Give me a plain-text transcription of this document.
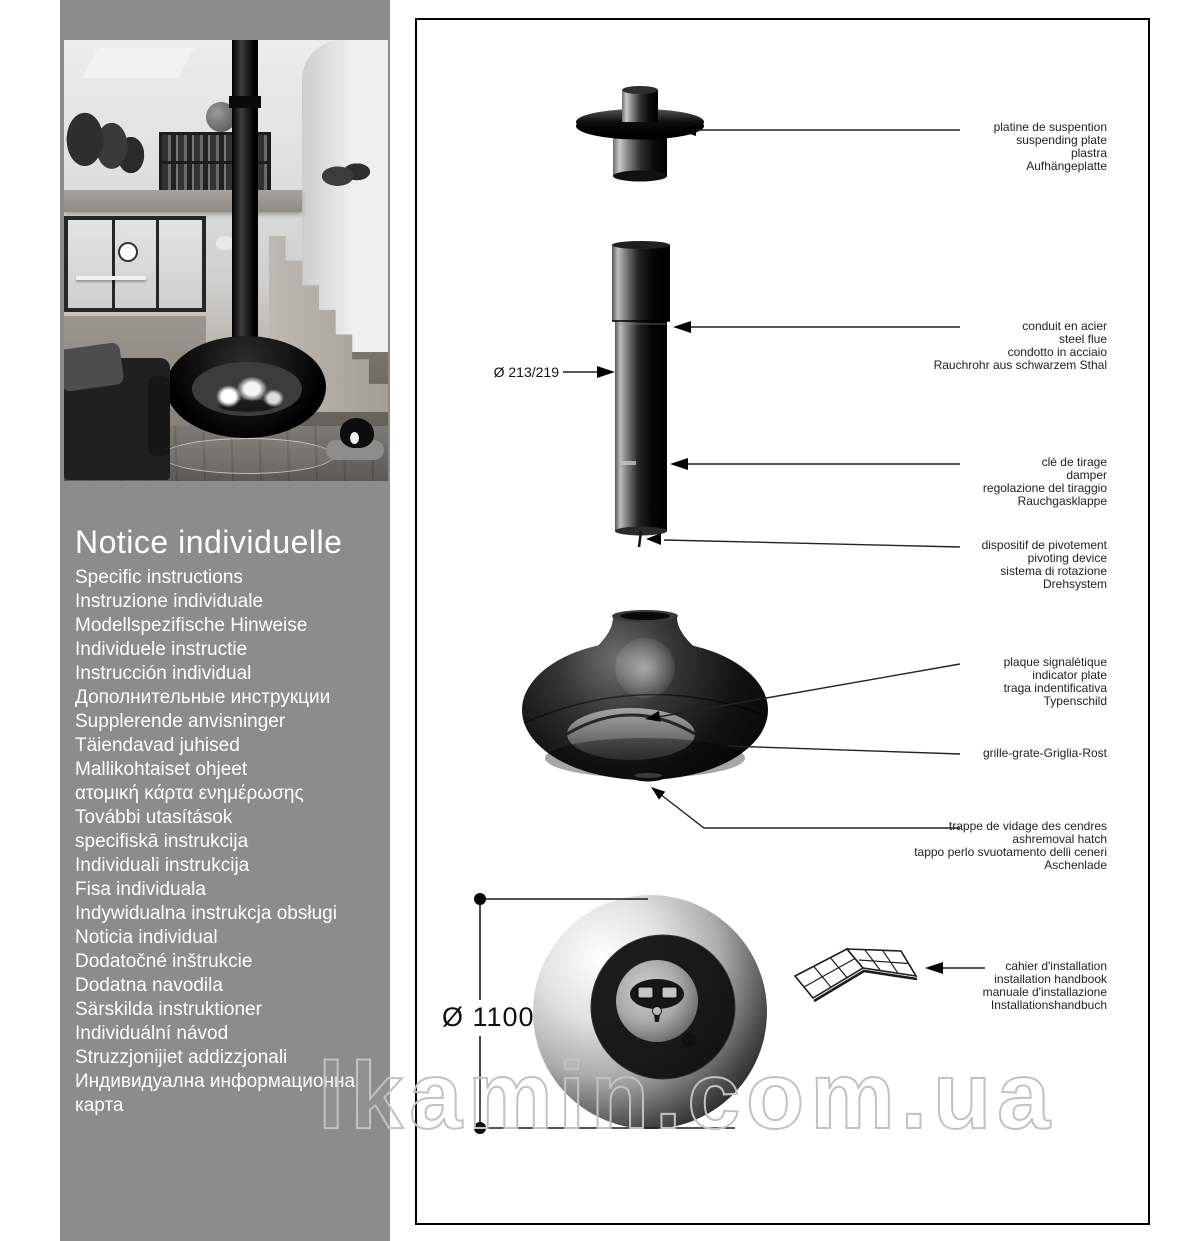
Notice individuelle
Specific instructions
Instruzione individuale
Modellspezifische Hinweise
Individuele instructie
Instrucción individual
Дополнительные инструкции
Supplerende anvisninger
Täiendavad juhised
Mallikohtaiset ohjeet
ατομική κάρτα ενημέρωσης
További utasítások
specifiskā instrukcija
Individuali instrukcija
Fisa individuala
Indywidualna instrukcja obsługi
Noticia individual
Dodatočné inštrukcie
Dodatna navodila
Särskilda instruktioner
Individuální návod
Struzzjonijiet addizzjonali
Индивидуална информационна карта
Ø 213/219
Ø 1100
platine de suspention
suspending plate
plastra
Aufhängeplatte
conduit en acier
steel flue
condotto in acciaio
Rauchrohr aus schwarzem Sthal
clé de tirage
damper
regolazione del tiraggio
Rauchgasklappe
dispositif de pivotement
pivoting device
sistema di rotazione
Drehsystem
plaque signalétique
indicator plate
traga indentificativa
Typenschild
grille-grate-Griglia-Rost
trappe de vidage des cendres
ashremoval hatch
tappo perlo svuotamento delli ceneri
Aschenlade
cahier d'installation
installation handbook
manuale d'installazione
Installationshandbuch
